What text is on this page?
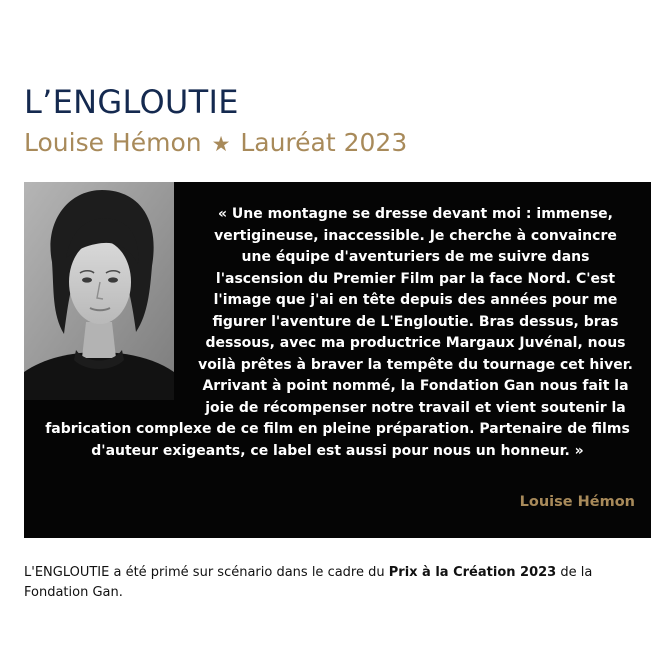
L’ENGLOUTIE
Louise Hémon ★ Lauréat 2023

« Une montagne se dresse devant moi : immense, vertigineuse, inaccessible. Je cherche à convaincre une équipe d'aventuriers de me suivre dans l'ascension du Premier Film par la face Nord. C'est l'image que j'ai en tête depuis des années pour me figurer l'aventure de L'Engloutie. Bras dessus, bras dessous, avec ma productrice Margaux Juvénal, nous voilà prêtes à braver la tempête du tournage cet hiver. Arrivant à point nommé, la Fondation Gan nous fait la joie de récompenser notre travail et vient soutenir la fabrication complexe de ce film en pleine préparation. Partenaire de films d'auteur exigeants, ce label est aussi pour nous un honneur. »

Louise Hémon

L'ENGLOUTIE a été primé sur scénario dans le cadre du Prix à la Création 2023 de la Fondation Gan.
